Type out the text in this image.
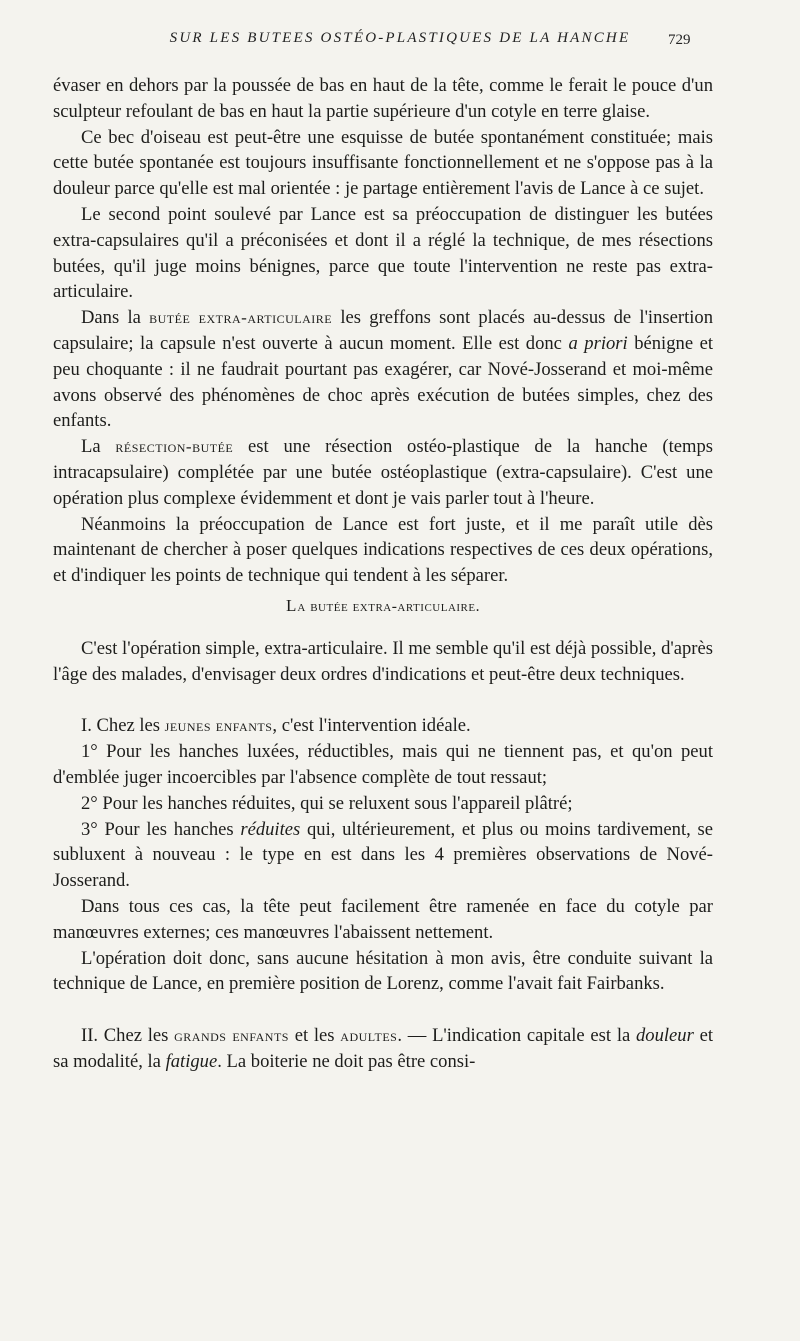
SUR LES BUTEES OSTÉO-PLASTIQUES DE LA HANCHE	729

évaser en dehors par la poussée de bas en haut de la tête, comme le ferait le pouce d'un sculpteur refoulant de bas en haut la partie supérieure d'un cotyle en terre glaise.

Ce bec d'oiseau est peut-être une esquisse de butée spontanément constituée; mais cette butée spontanée est toujours insuffisante fonctionnellement et ne s'oppose pas à la douleur parce qu'elle est mal orientée : je partage entièrement l'avis de Lance à ce sujet.

Le second point soulevé par Lance est sa préoccupation de distinguer les butées extra-capsulaires qu'il a préconisées et dont il a réglé la technique, de mes résections butées, qu'il juge moins bénignes, parce que toute l'intervention ne reste pas extra-articulaire.

Dans la butée extra-articulaire les greffons sont placés au-dessus de l'insertion capsulaire; la capsule n'est ouverte à aucun moment. Elle est donc a priori bénigne et peu choquante : il ne faudrait pourtant pas exagérer, car Nové-Josserand et moi-même avons observé des phénomènes de choc après exécution de butées simples, chez des enfants.

La résection-butée est une résection ostéo-plastique de la hanche (temps intracapsulaire) complétée par une butée ostéoplastique (extra-capsulaire). C'est une opération plus complexe évidemment et dont je vais parler tout à l'heure.

Néanmoins la préoccupation de Lance est fort juste, et il me paraît utile dès maintenant de chercher à poser quelques indications respectives de ces deux opérations, et d'indiquer les points de technique qui tendent à les séparer.

La butée extra-articulaire.

C'est l'opération simple, extra-articulaire. Il me semble qu'il est déjà possible, d'après l'âge des malades, d'envisager deux ordres d'indications et peut-être deux techniques.

I. Chez les jeunes enfants, c'est l'intervention idéale.

1° Pour les hanches luxées, réductibles, mais qui ne tiennent pas, et qu'on peut d'emblée juger incoercibles par l'absence complète de tout ressaut;

2° Pour les hanches réduites, qui se reluxent sous l'appareil plâtré;

3° Pour les hanches réduites qui, ultérieurement, et plus ou moins tardivement, se subluxent à nouveau : le type en est dans les 4 premières observations de Nové-Josserand.

Dans tous ces cas, la tête peut facilement être ramenée en face du cotyle par manœuvres externes; ces manœuvres l'abaissent nettement.

L'opération doit donc, sans aucune hésitation à mon avis, être conduite suivant la technique de Lance, en première position de Lorenz, comme l'avait fait Fairbanks.

II. Chez les grands enfants et les adultes. — L'indication capitale est la douleur et sa modalité, la fatigue. La boiterie ne doit pas être consi-
